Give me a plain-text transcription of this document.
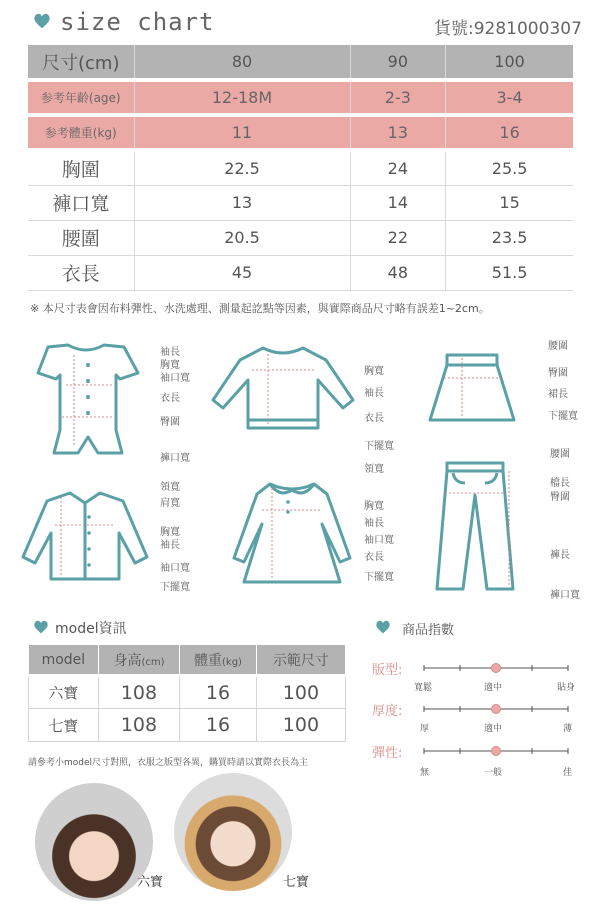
size chart	貨號:9281000307
尺寸(cm)	80	90	100
参考年齡(age)	12-18M	2-3	3-4
参考體重(kg)	11	13	16
胸圍	22.5	24	25.5
褲口寬	13	14	15
腰圍	20.5	22	23.5
衣長	45	48	51.5
※ 本尺寸表會因布料彈性、水洗處理、測量起訖點等因素，與實際商品尺寸略有誤差1~2cm。
袖長
胸寬
袖口寬
衣長
臀圍
褲口寬
胸寬
袖長
衣長
下擺寬
腰圍
臀圍
裙長
下擺寬
領寬
肩寬
胸寬
袖長
袖口寬
下擺寬
領寬
胸寬
袖長
袖口寬
衣長
下擺寬
腰圍
檔長
臀圍
褲長
褲口寬
model資訊
model	身高(cm)	體重(kg)	示範尺寸
六寶	108	16	100
七寶	108	16	100
請參考小model尺寸對照，衣服之版型各異，購買時請以實際衣長為主
商品指數
版型:
厚度:
彈性:
寬鬆	適中	貼身
厚	適中	薄
無	一般	佳
六寶	七寶
